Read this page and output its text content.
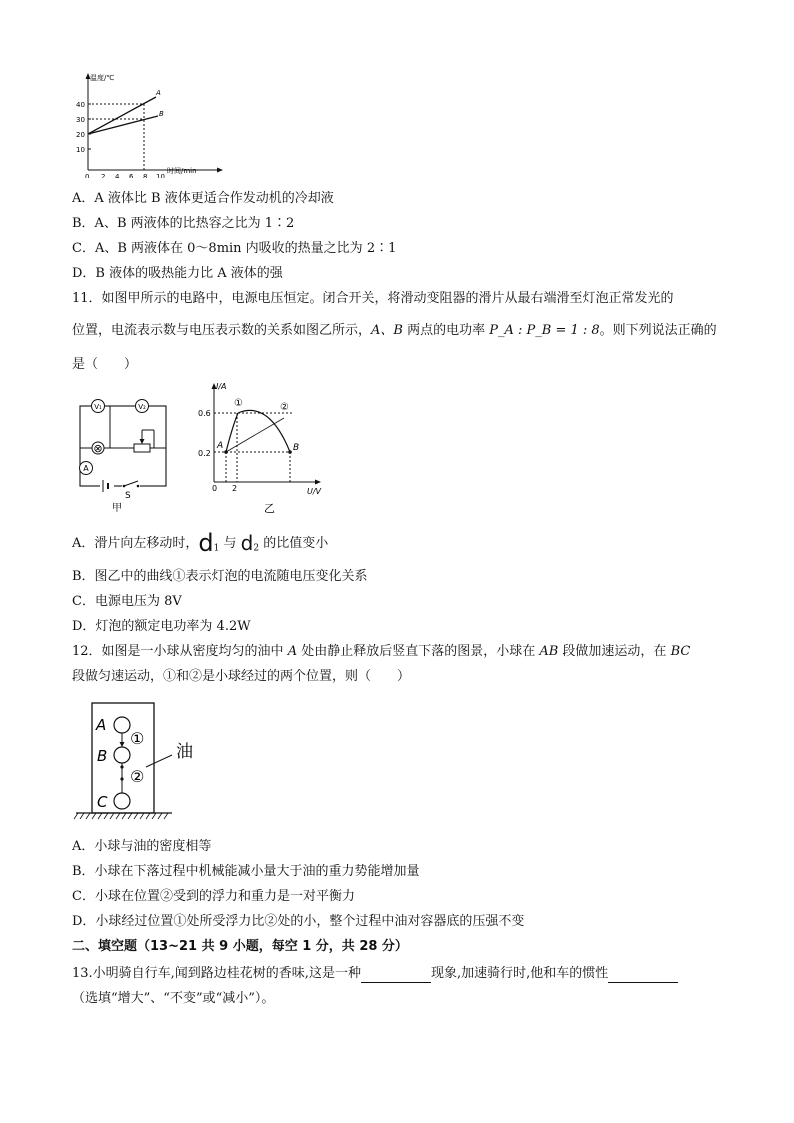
温度/℃
40
30
20
10
0 2 4 6 8 10
时间/min
A
B
A．A 液体比 B 液体更适合作发动机的冷却液
B．A、B 两液体的比热容之比为 1∶2
C．A、B 两液体在 0～8min 内吸收的热量之比为 2∶1
D．B 液体的吸热能力比 A 液体的强
11．如图甲所示的电路中，电源电压恒定。闭合开关，将滑动变阻器的滑片从最右端滑至灯泡正常发光的
位置，电流表示数与电压表示数的关系如图乙所示，A、B 两点的电功率 P_A : P_B = 1 : 8。则下列说法正确的
是（　　）
V₁	V₂
⊗
A
S
甲
I/A
U/V
0.6
0.2
0 2
①	②
A	B
乙
A．滑片向左移动时，$d_1$ 与 $d_2$ 的比值变小
B．图乙中的曲线①表示灯泡的电流随电压变化关系
C．电源电压为 8V
D．灯泡的额定电功率为 4.2W
12．如图是一小球从密度均匀的油中 A 处由静止释放后竖直下落的图景，小球在 AB 段做加速运动，在 BC
段做匀速运动，①和②是小球经过的两个位置，则（　　）
A
B
C
①
②
油
A．小球与油的密度相等
B．小球在下落过程中机械能减小量大于油的重力势能增加量
C．小球在位置②受到的浮力和重力是一对平衡力
D．小球经过位置①处所受浮力比②处的小，整个过程中油对容器底的压强不变
二、填空题（13~21 共 9 小题，每空 1 分，共 28 分）
13.小明骑自行车,闻到路边桂花树的香味,这是一种	现象,加速骑行时,他和车的惯性
（选填“增大”、“不变”或“减小”）。
